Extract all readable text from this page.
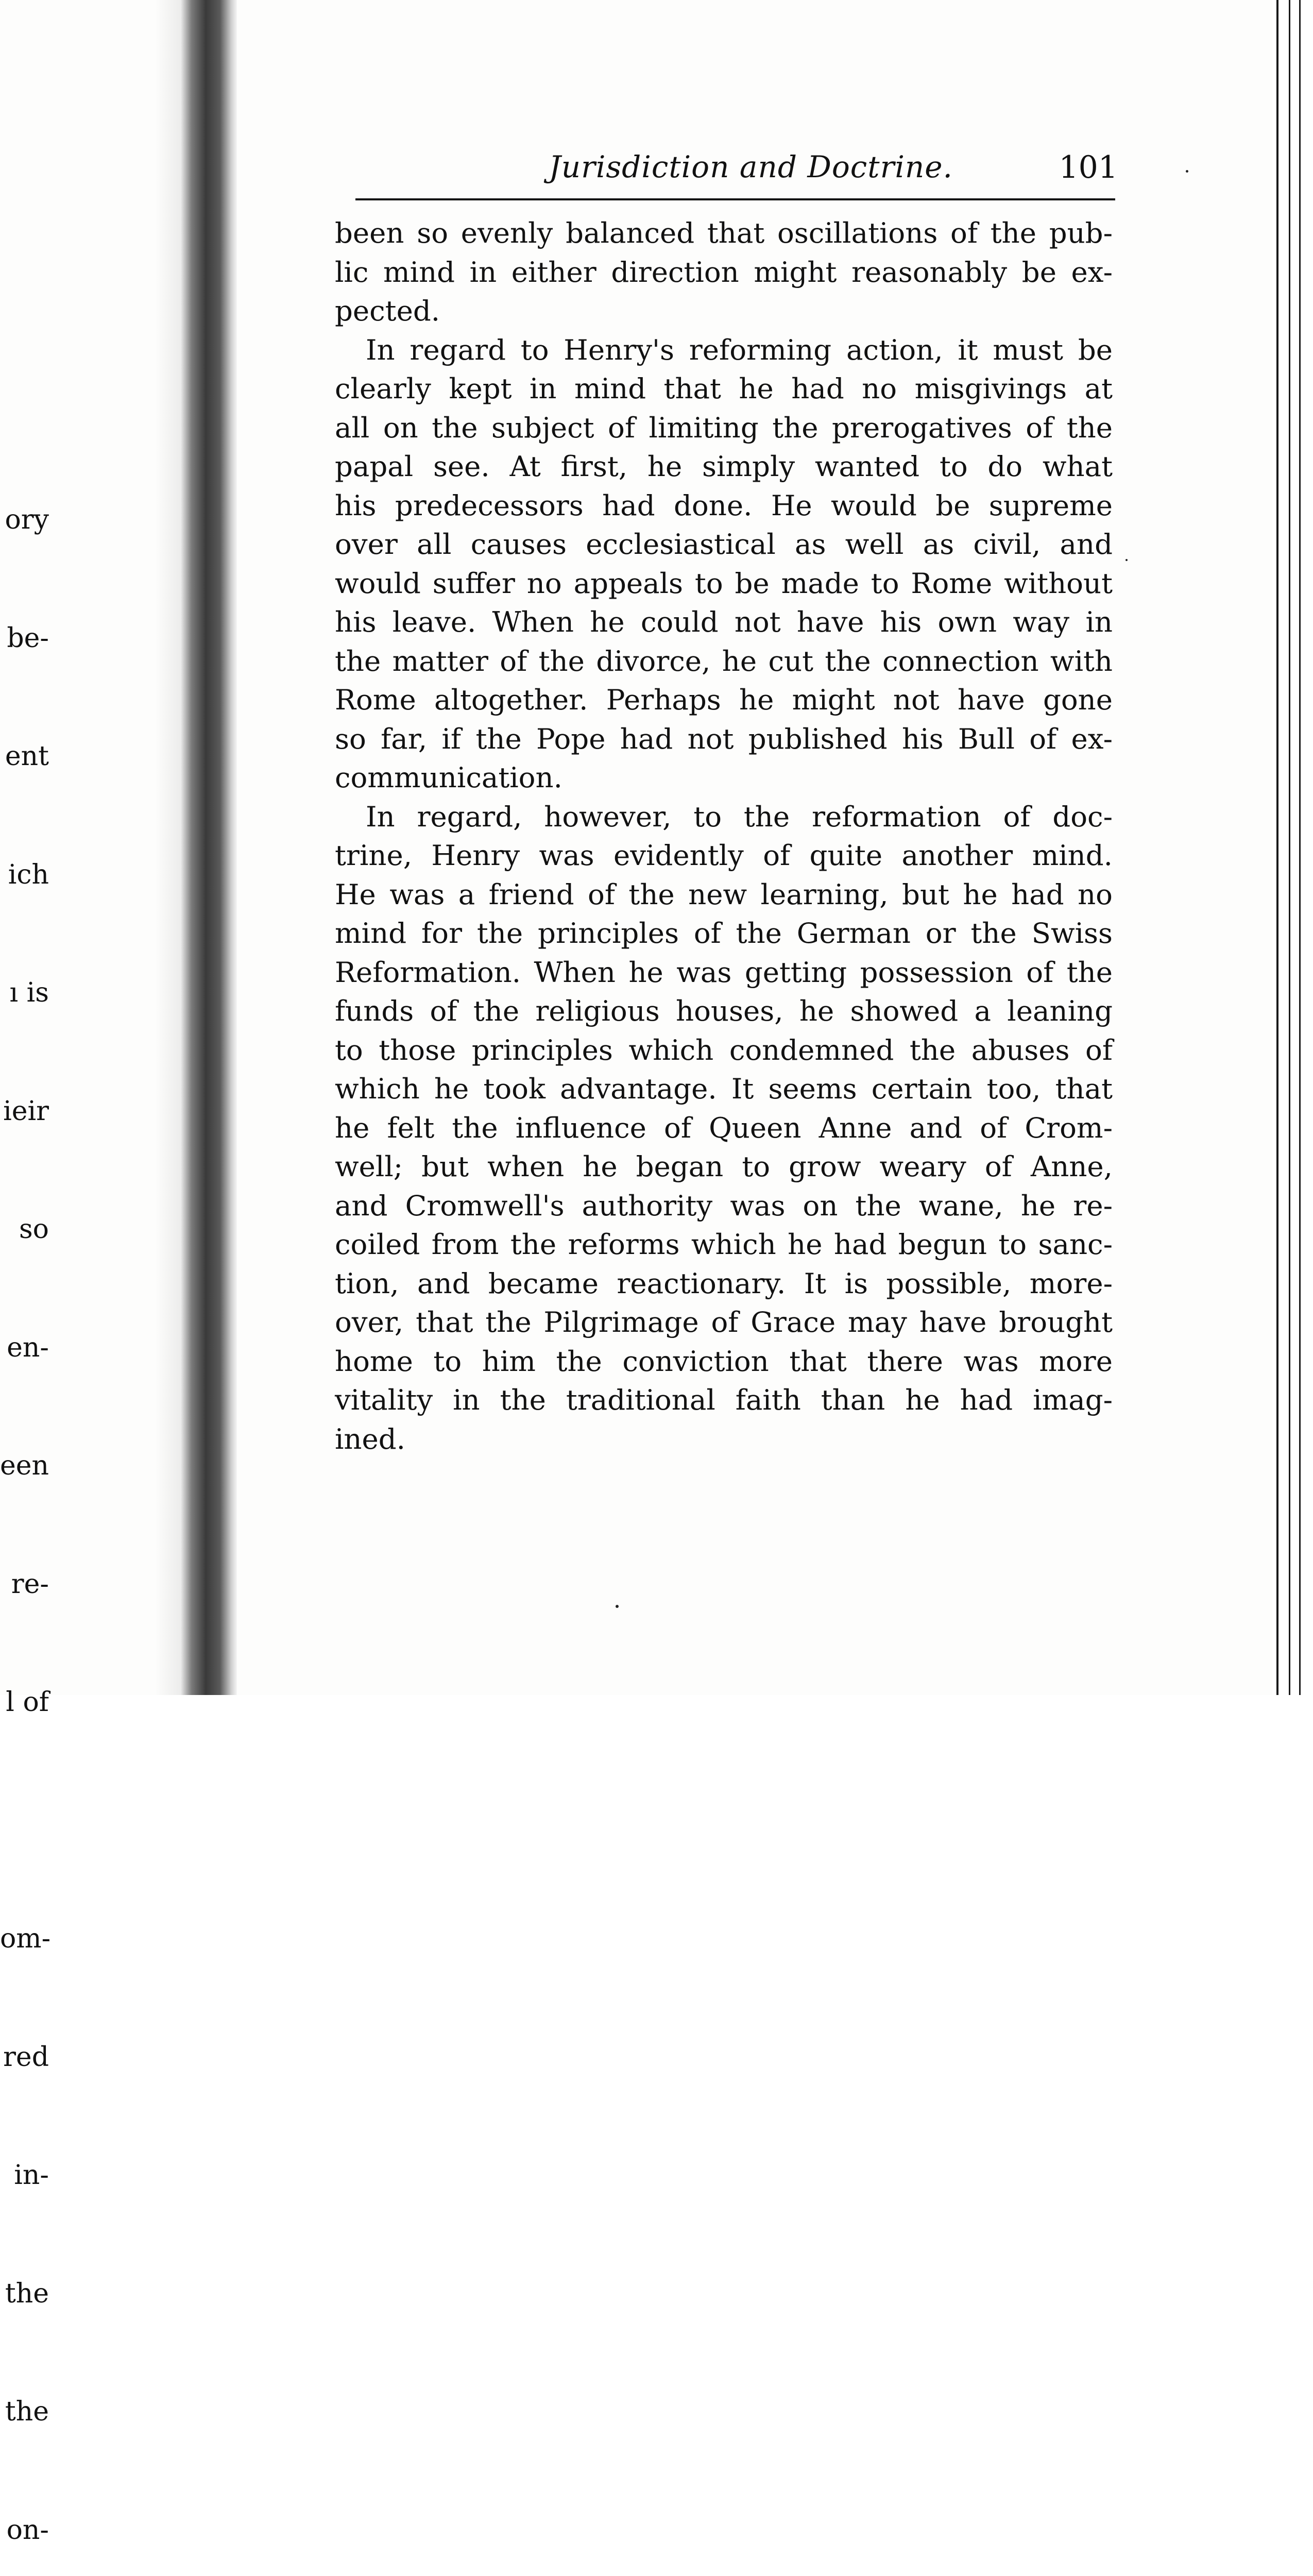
ory

be-

ent

ich

ı is

ieir

so

en-

een

re-

l of

om-

red

in-

the

the

on-

Jurisdiction and Doctrine.	101
been so evenly balanced that oscillations of the pub-
lic mind in either direction might reasonably be ex-
pected.
In regard to Henry's reforming action, it must be
clearly kept in mind that he had no misgivings at
all on the subject of limiting the prerogatives of the
papal see. At first, he simply wanted to do what
his predecessors had done. He would be supreme
over all causes ecclesiastical as well as civil, and
would suffer no appeals to be made to Rome without
his leave. When he could not have his own way in
the matter of the divorce, he cut the connection with
Rome altogether. Perhaps he might not have gone
so far, if the Pope had not published his Bull of ex-
communication.
In regard, however, to the reformation of doc-
trine, Henry was evidently of quite another mind.
He was a friend of the new learning, but he had no
mind for the principles of the German or the Swiss
Reformation. When he was getting possession of the
funds of the religious houses, he showed a leaning
to those principles which condemned the abuses of
which he took advantage. It seems certain too, that
he felt the influence of Queen Anne and of Crom-
well; but when he began to grow weary of Anne,
and Cromwell's authority was on the wane, he re-
coiled from the reforms which he had begun to sanc-
tion, and became reactionary. It is possible, more-
over, that the Pilgrimage of Grace may have brought
home to him the conviction that there was more
vitality in the traditional faith than he had imag-
ined.
